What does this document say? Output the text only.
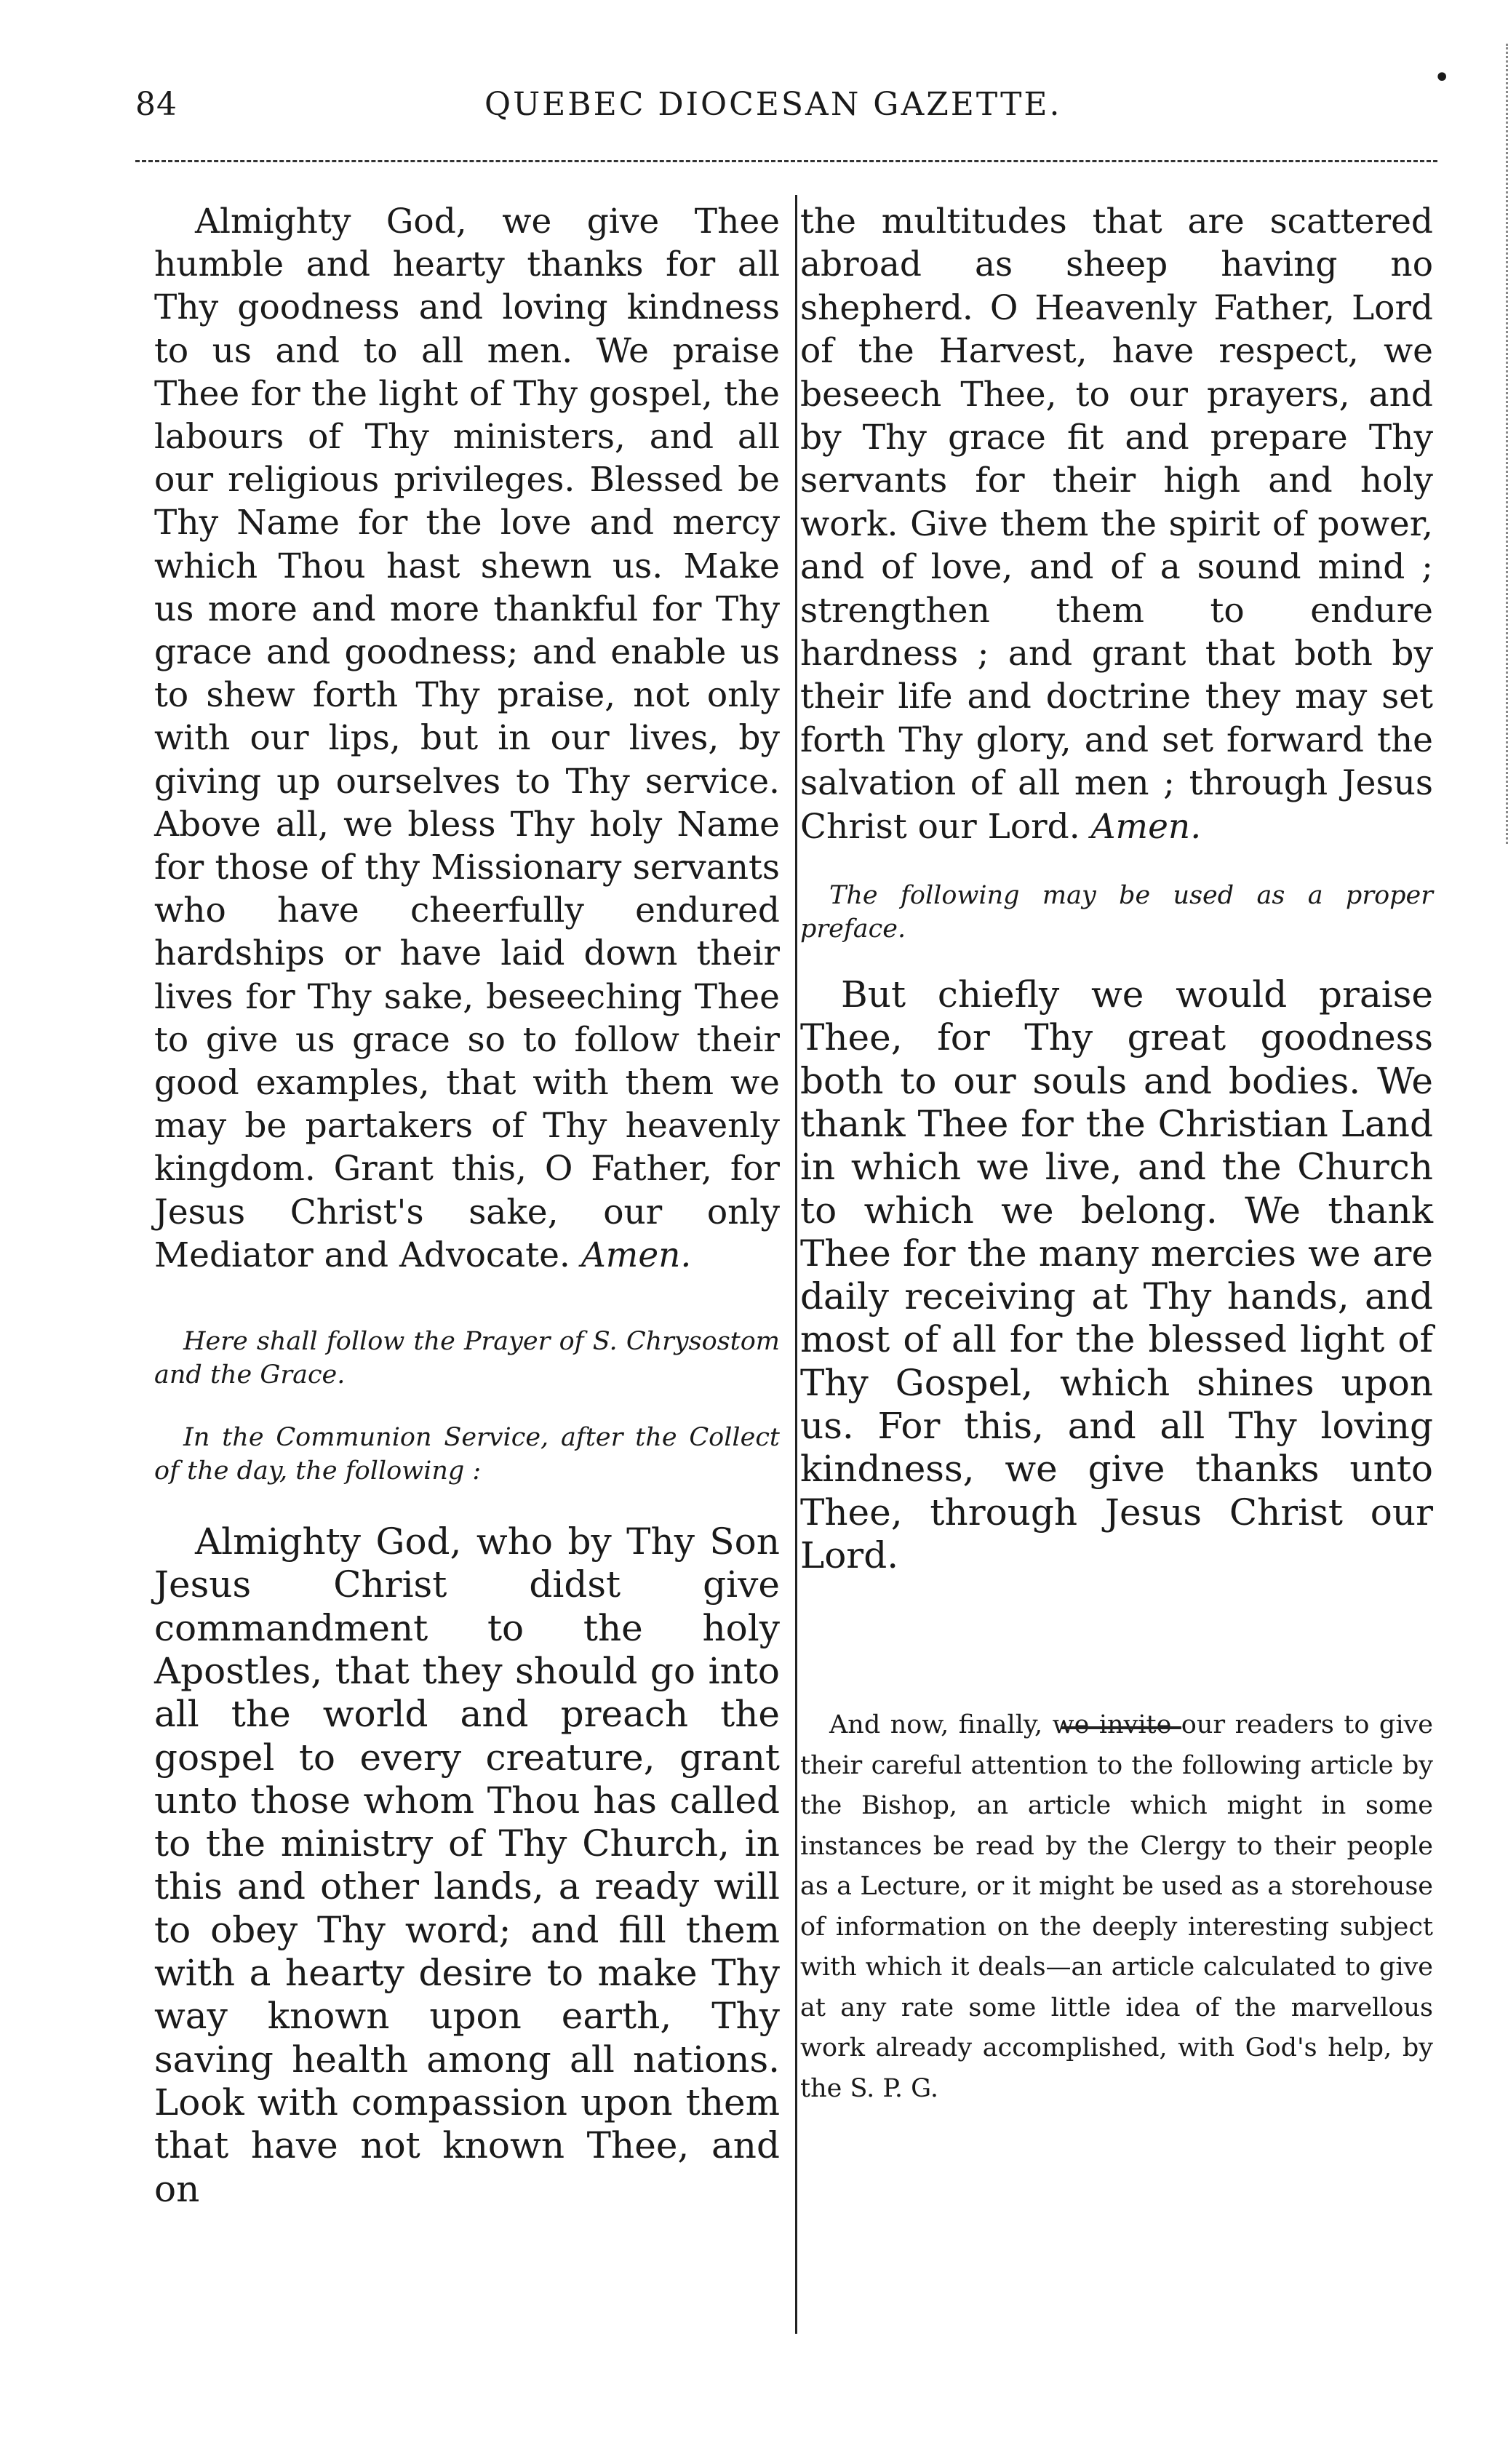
84	QUEBEC DIOCESAN GAZETTE.
•

Almighty God, we give Thee humble and hearty thanks for all Thy goodness and loving kindness to us and to all men. We praise Thee for the light of Thy gospel, the labours of Thy ministers, and all our religious privileges. Blessed be Thy Name for the love and mercy which Thou hast shewn us. Make us more and more thankful for Thy grace and goodness; and enable us to shew forth Thy praise, not only with our lips, but in our lives, by giving up ourselves to Thy service. Above all, we bless Thy holy Name for those of thy Missionary servants who have cheerfully endured hardships or have laid down their lives for Thy sake, beseeching Thee to give us grace so to follow their good examples, that with them we may be partakers of Thy heavenly kingdom. Grant this, O Father, for Jesus Christ's sake, our only Mediator and Advocate. Amen.

Here shall follow the Prayer of S. Chrysostom and the Grace.

In the Communion Service, after the Collect of the day, the following :

Almighty God, who by Thy Son Jesus Christ didst give commandment to the holy Apostles, that they should go into all the world and preach the gospel to every creature, grant unto those whom Thou has called to the ministry of Thy Church, in this and other lands, a ready will to obey Thy word; and fill them with a hearty desire to make Thy way known upon earth, Thy saving health among all nations. Look with compassion upon them that have not known Thee, and on

the multitudes that are scattered abroad as sheep having no shepherd. O Heavenly Father, Lord of the Harvest, have respect, we beseech Thee, to our prayers, and by Thy grace fit and prepare Thy servants for their high and holy work. Give them the spirit of power, and of love, and of a sound mind ; strengthen them to endure hardness ; and grant that both by their life and doctrine they may set forth Thy glory, and set forward the salvation of all men ; through Jesus Christ our Lord. Amen.

The following may be used as a proper preface.

But chiefly we would praise Thee, for Thy great goodness both to our souls and bodies. We thank Thee for the Christian Land in which we live, and the Church to which we belong. We thank Thee for the many mercies we are daily receiving at Thy hands, and most of all for the blessed light of Thy Gospel, which shines upon us. For this, and all Thy loving kindness, we give thanks unto Thee, through Jesus Christ our Lord.

And now, finally, we invite our readers to give their careful attention to the following article by the Bishop, an article which might in some instances be read by the Clergy to their people as a Lecture, or it might be used as a storehouse of information on the deeply interesting subject with which it deals—an article calculated to give at any rate some little idea of the marvellous work already accomplished, with God's help, by the S. P. G.
